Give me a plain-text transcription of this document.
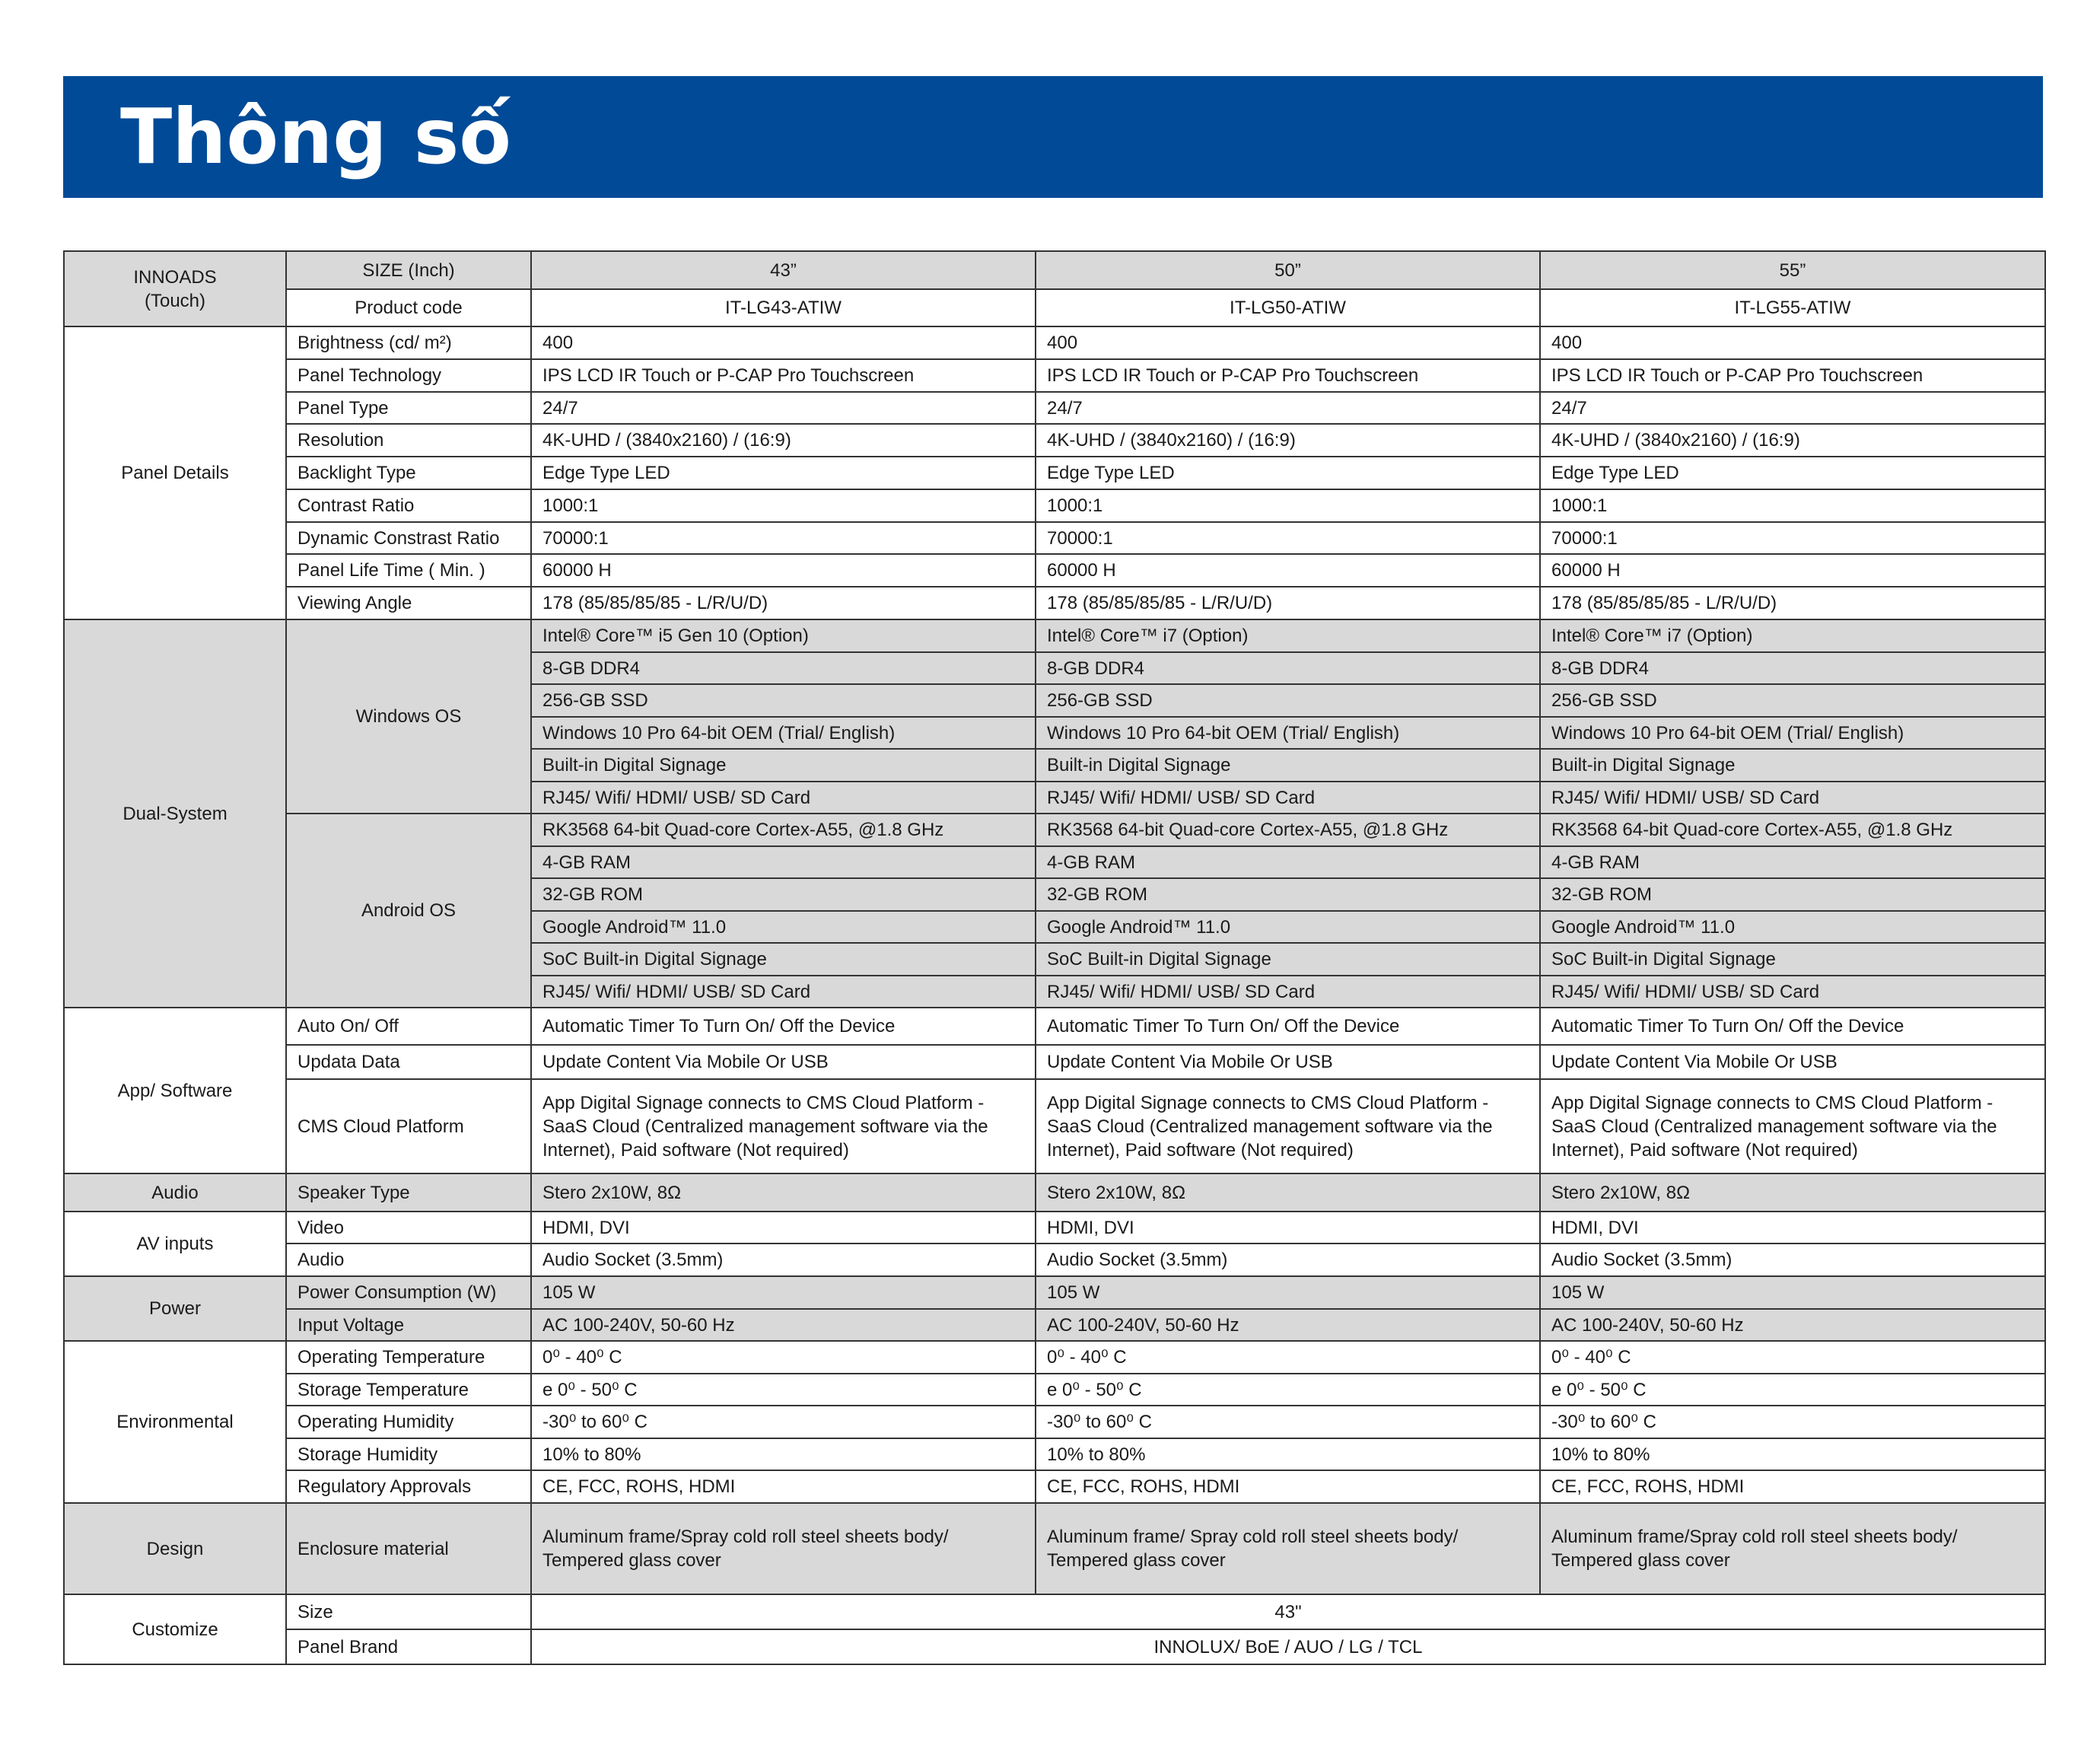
Thông số
INNOADS
(Touch)	SIZE (Inch)	43”	50”	55”
	Product code	IT-LG43-ATIW	IT-LG50-ATIW	IT-LG55-ATIW
Panel Details	Brightness (cd/ m²)	400	400	400
	Panel Technology	IPS LCD IR Touch or P-CAP Pro Touchscreen	IPS LCD IR Touch or P-CAP Pro Touchscreen	IPS LCD IR Touch or P-CAP Pro Touchscreen
	Panel Type	24/7	24/7	24/7
	Resolution	4K-UHD / (3840x2160) / (16:9)	4K-UHD / (3840x2160) / (16:9)	4K-UHD / (3840x2160) / (16:9)
	Backlight Type	Edge Type LED	Edge Type LED	Edge Type LED
	Contrast Ratio	1000:1	1000:1	1000:1
	Dynamic Constrast Ratio	70000:1	70000:1	70000:1
	Panel Life Time ( Min. )	60000 H	60000 H	60000 H
	Viewing Angle	178 (85/85/85/85 - L/R/U/D)	178 (85/85/85/85 - L/R/U/D)	178 (85/85/85/85 - L/R/U/D)
Dual-System	Windows OS	Intel® Core™ i5 Gen 10 (Option)	Intel® Core™ i7 (Option)	Intel® Core™ i7 (Option)
		8-GB DDR4	8-GB DDR4	8-GB DDR4
		256-GB SSD	256-GB SSD	256-GB SSD
		Windows 10 Pro 64-bit OEM (Trial/ English)	Windows 10 Pro 64-bit OEM (Trial/ English)	Windows 10 Pro 64-bit OEM (Trial/ English)
		Built-in Digital Signage	Built-in Digital Signage	Built-in Digital Signage
		RJ45/ Wifi/ HDMI/ USB/ SD Card	RJ45/ Wifi/ HDMI/ USB/ SD Card	RJ45/ Wifi/ HDMI/ USB/ SD Card
	Android OS	RK3568 64-bit Quad-core Cortex-A55, @1.8 GHz	RK3568 64-bit Quad-core Cortex-A55, @1.8 GHz	RK3568 64-bit Quad-core Cortex-A55, @1.8 GHz
		4-GB RAM	4-GB RAM	4-GB RAM
		32-GB ROM	32-GB ROM	32-GB ROM
		Google Android™ 11.0	Google Android™ 11.0	Google Android™ 11.0
		SoC Built-in Digital Signage	SoC Built-in Digital Signage	SoC Built-in Digital Signage
		RJ45/ Wifi/ HDMI/ USB/ SD Card	RJ45/ Wifi/ HDMI/ USB/ SD Card	RJ45/ Wifi/ HDMI/ USB/ SD Card
App/ Software	Auto On/ Off	Automatic Timer To Turn On/ Off the Device	Automatic Timer To Turn On/ Off the Device	Automatic Timer To Turn On/ Off the Device
	Updata Data	Update Content Via Mobile Or USB	Update Content Via Mobile Or USB	Update Content Via Mobile Or USB
	CMS Cloud Platform	App Digital Signage connects to CMS Cloud Platform -
SaaS Cloud (Centralized management software via the
Internet), Paid software (Not required)	App Digital Signage connects to CMS Cloud Platform -
SaaS Cloud (Centralized management software via the
Internet), Paid software (Not required)	App Digital Signage connects to CMS Cloud Platform -
SaaS Cloud (Centralized management software via the
Internet), Paid software (Not required)
Audio	Speaker Type	Stero 2x10W, 8Ω	Stero 2x10W, 8Ω	Stero 2x10W, 8Ω
AV inputs	Video	HDMI, DVI	HDMI, DVI	HDMI, DVI
	Audio	Audio Socket (3.5mm)	Audio Socket (3.5mm)	Audio Socket (3.5mm)
Power	Power Consumption (W)	105 W	105 W	105 W
	Input Voltage	AC 100-240V, 50-60 Hz	AC 100-240V, 50-60 Hz	AC 100-240V, 50-60 Hz
Environmental	Operating Temperature	0⁰ - 40⁰ C	0⁰ - 40⁰ C	0⁰ - 40⁰ C
	Storage Temperature	e 0⁰ - 50⁰ C	e 0⁰ - 50⁰ C	e 0⁰ - 50⁰ C
	Operating Humidity	-30⁰ to 60⁰ C	-30⁰ to 60⁰ C	-30⁰ to 60⁰ C
	Storage Humidity	10% to 80%	10% to 80%	10% to 80%
	Regulatory Approvals	CE, FCC, ROHS, HDMI	CE, FCC, ROHS, HDMI	CE, FCC, ROHS, HDMI
Design	Enclosure material	Aluminum frame/Spray cold roll steel sheets body/
Tempered glass cover	Aluminum frame/ Spray cold roll steel sheets body/
Tempered glass cover	Aluminum frame/Spray cold roll steel sheets body/
Tempered glass cover
Customize	Size	43"		
	Panel Brand	INNOLUX/ BoE / AUO / LG / TCL		
